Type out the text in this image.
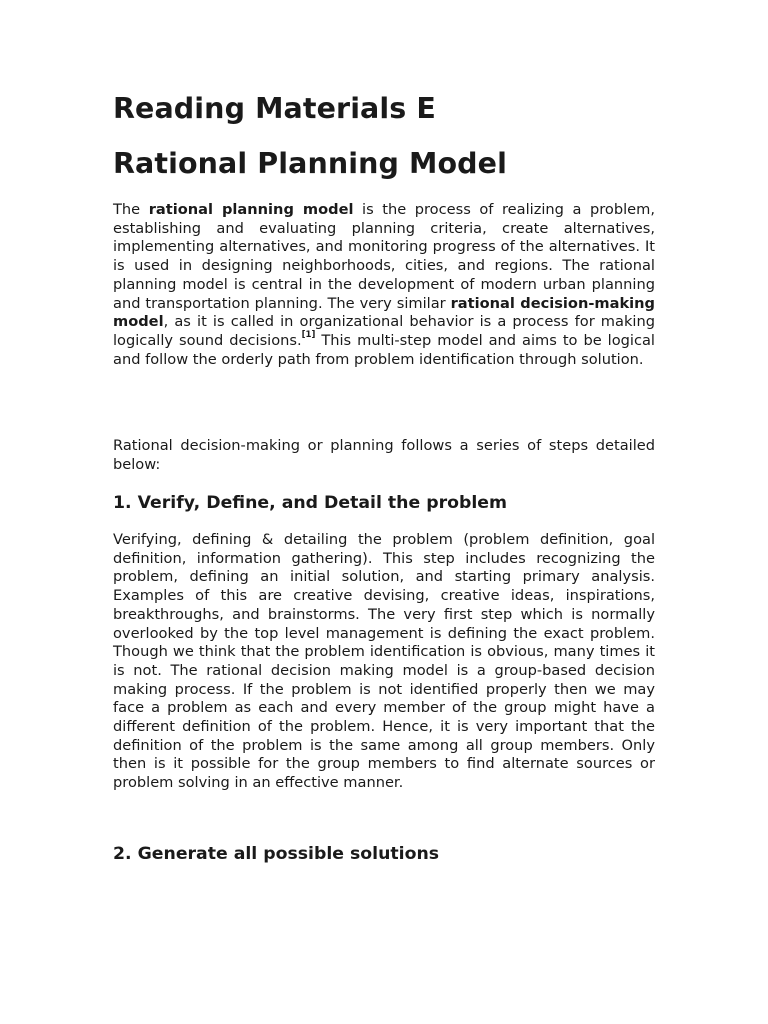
Reading Materials E
Rational Planning Model

The rational planning model is the process of realizing a problem, establishing and evaluating planning criteria, create alternatives, implementing alternatives, and monitoring progress of the alternatives. It is used in designing neighborhoods, cities, and regions. The rational planning model is central in the development of modern urban planning and transportation planning. The very similar rational decision-making model, as it is called in organizational behavior is a process for making logically sound decisions.[1] This multi-step model and aims to be logical and follow the orderly path from problem identification through solution.

Rational decision-making or planning follows a series of steps detailed below:

1. Verify, Define, and Detail the problem

Verifying, defining & detailing the problem (problem definition, goal definition, information gathering). This step includes recognizing the problem, defining an initial solution, and starting primary analysis. Examples of this are creative devising, creative ideas, inspirations, breakthroughs, and brainstorms. The very first step which is normally overlooked by the top level management is defining the exact problem. Though we think that the problem identification is obvious, many times it is not. The rational decision making model is a group-based decision making process. If the problem is not identified properly then we may face a problem as each and every member of the group might have a different definition of the problem. Hence, it is very important that the definition of the problem is the same among all group members. Only then is it possible for the group members to find alternate sources or problem solving in an effective manner.

2. Generate all possible solutions
